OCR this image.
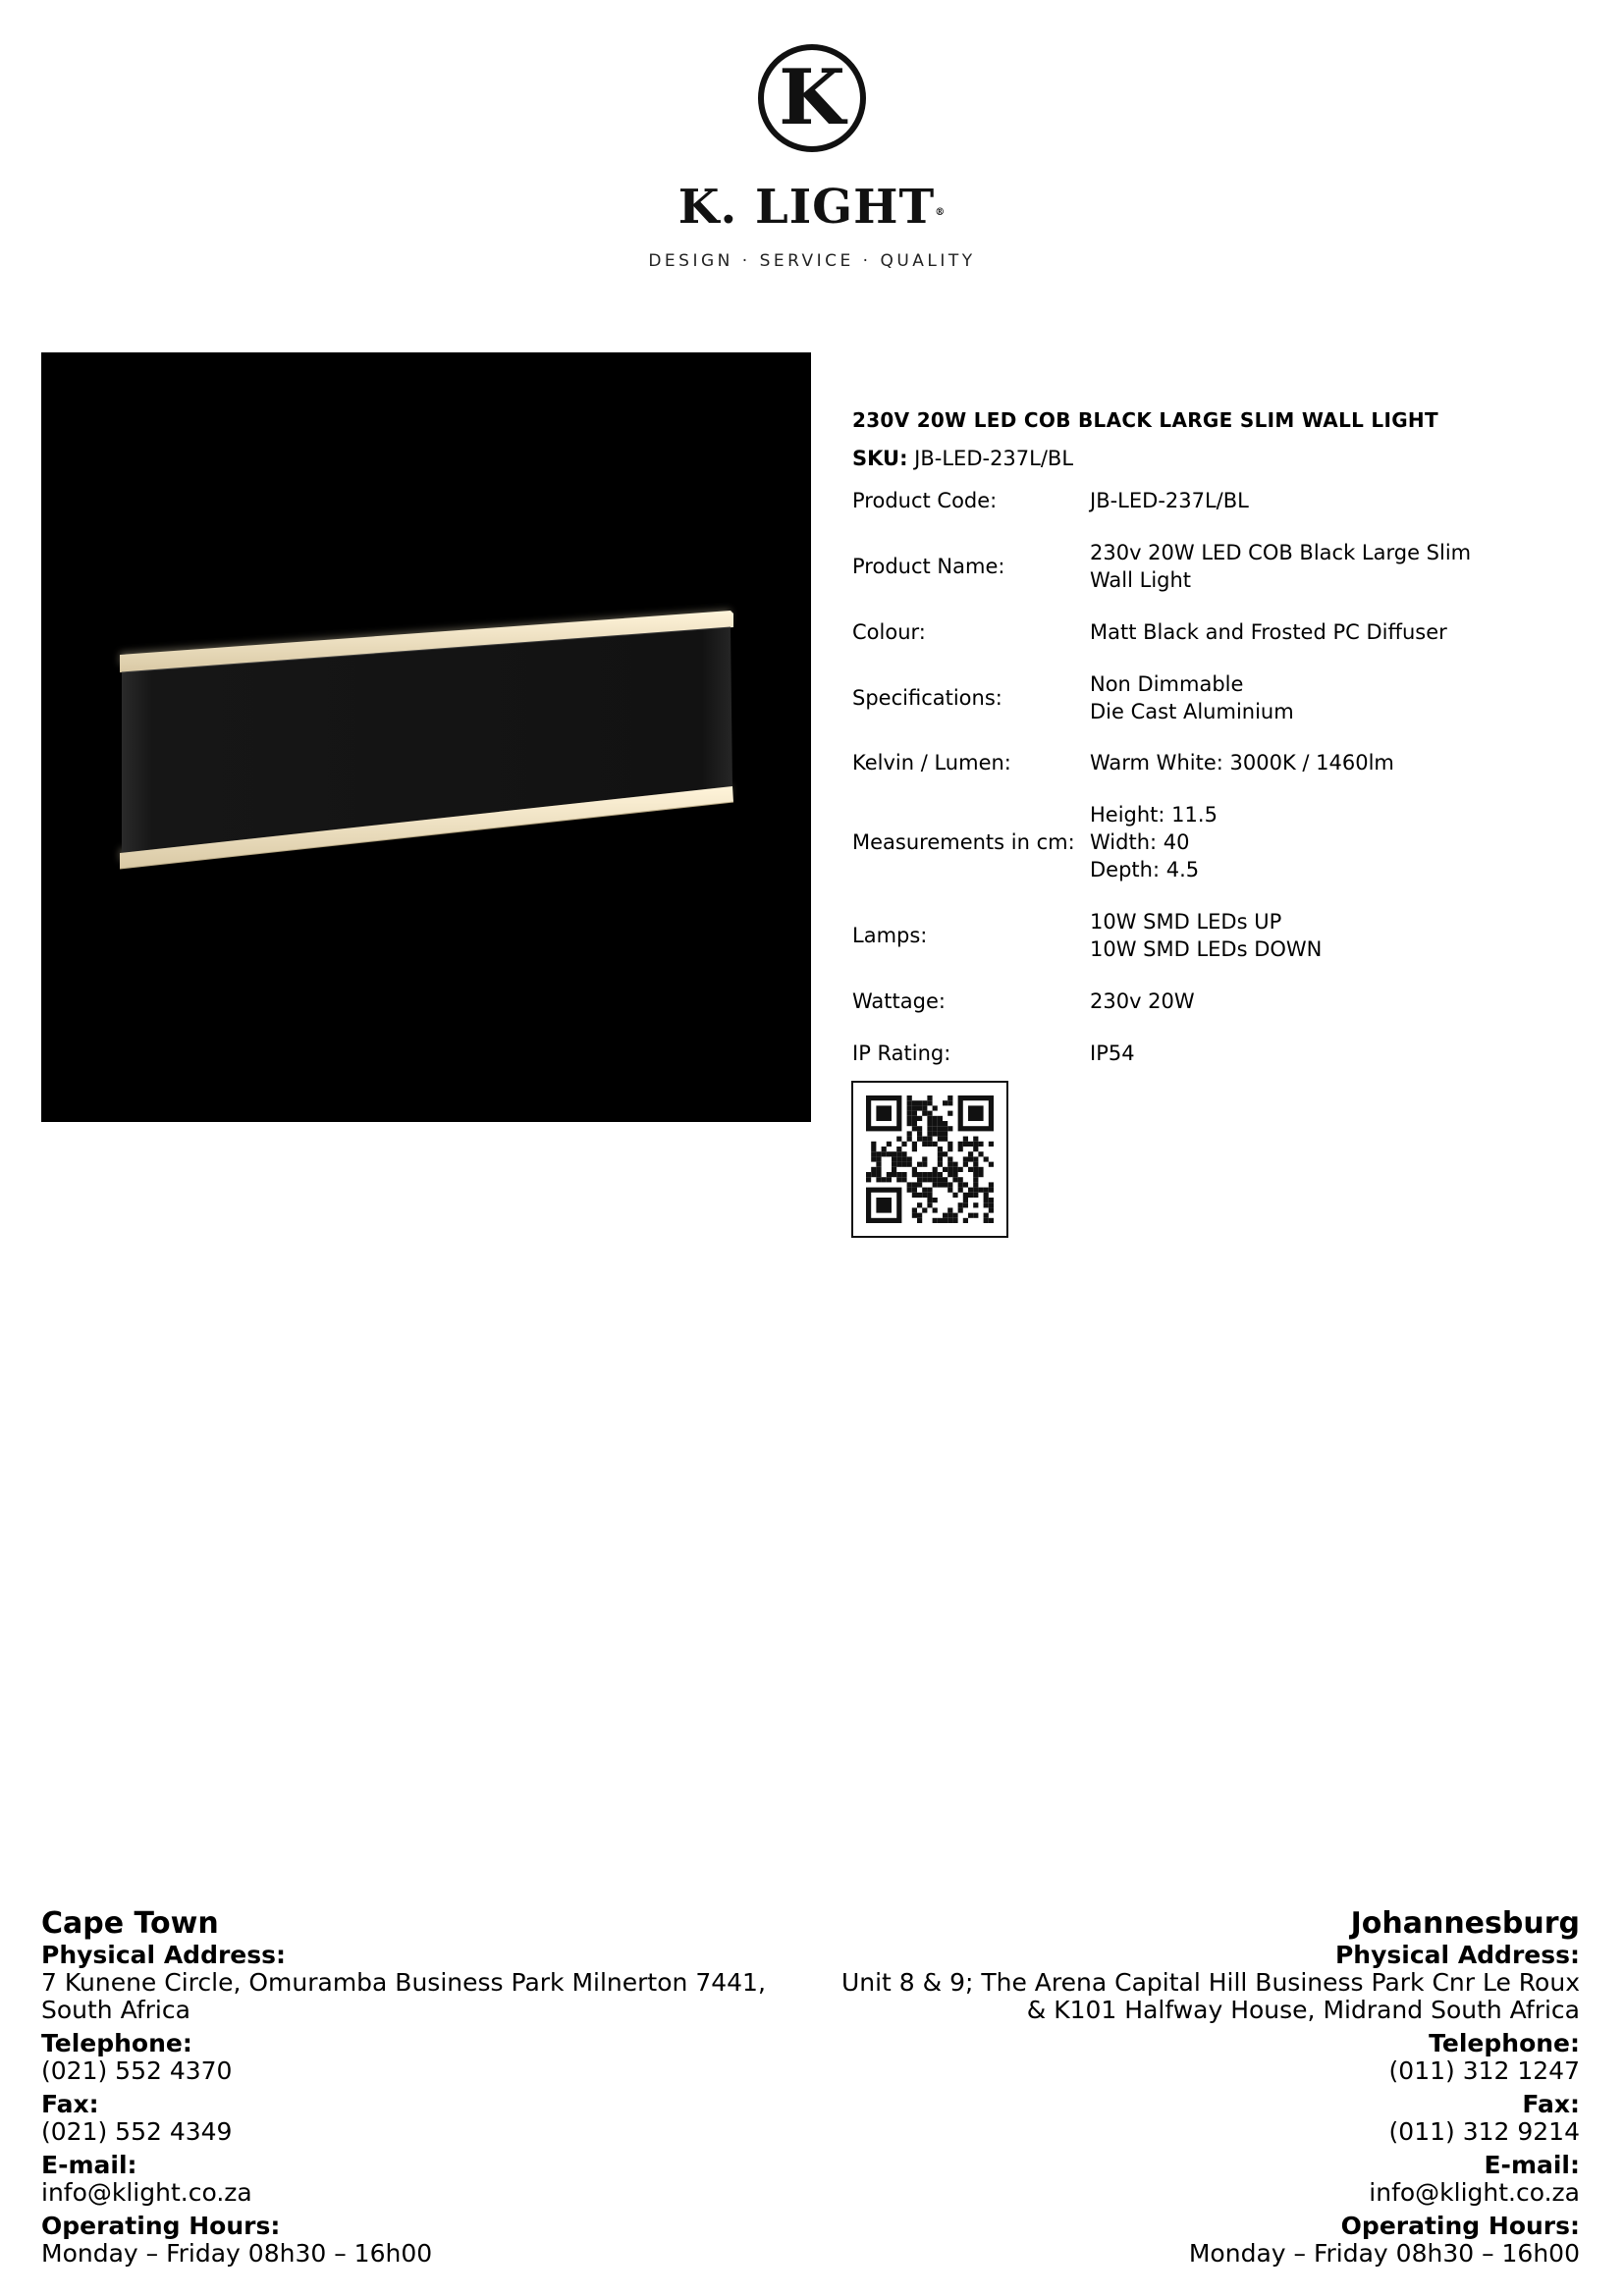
K
K. LIGHT®
DESIGN · SERVICE · QUALITY
230V 20W LED COB BLACK LARGE SLIM WALL LIGHT
SKU: JB-LED-237L/BL
Product Code:	JB-LED-237L/BL
Product Name:
230v 20W LED COB Black Large Slim
Wall Light
Colour:	Matt Black and Frosted PC Diffuser
Specifications:
Non Dimmable
Die Cast Aluminium
Kelvin / Lumen:	Warm White: 3000K / 1460lm
Measurements in cm:
Height: 11.5
Width: 40
Depth: 4.5
Lamps:
10W SMD LEDs UP
10W SMD LEDs DOWN
Wattage:	230v 20W
IP Rating:	IP54
Cape Town
Physical Address:
7 Kunene Circle, Omuramba Business Park Milnerton 7441,
South Africa
Telephone:
(021) 552 4370
Fax:
(021) 552 4349
E-mail:
info@klight.co.za
Operating Hours:
Monday – Friday 08h30 – 16h00
Johannesburg
Physical Address:
Unit 8 & 9; The Arena Capital Hill Business Park Cnr Le Roux
& K101 Halfway House, Midrand South Africa
Telephone:
(011) 312 1247
Fax:
(011) 312 9214
E-mail:
info@klight.co.za
Operating Hours:
Monday – Friday 08h30 – 16h00
